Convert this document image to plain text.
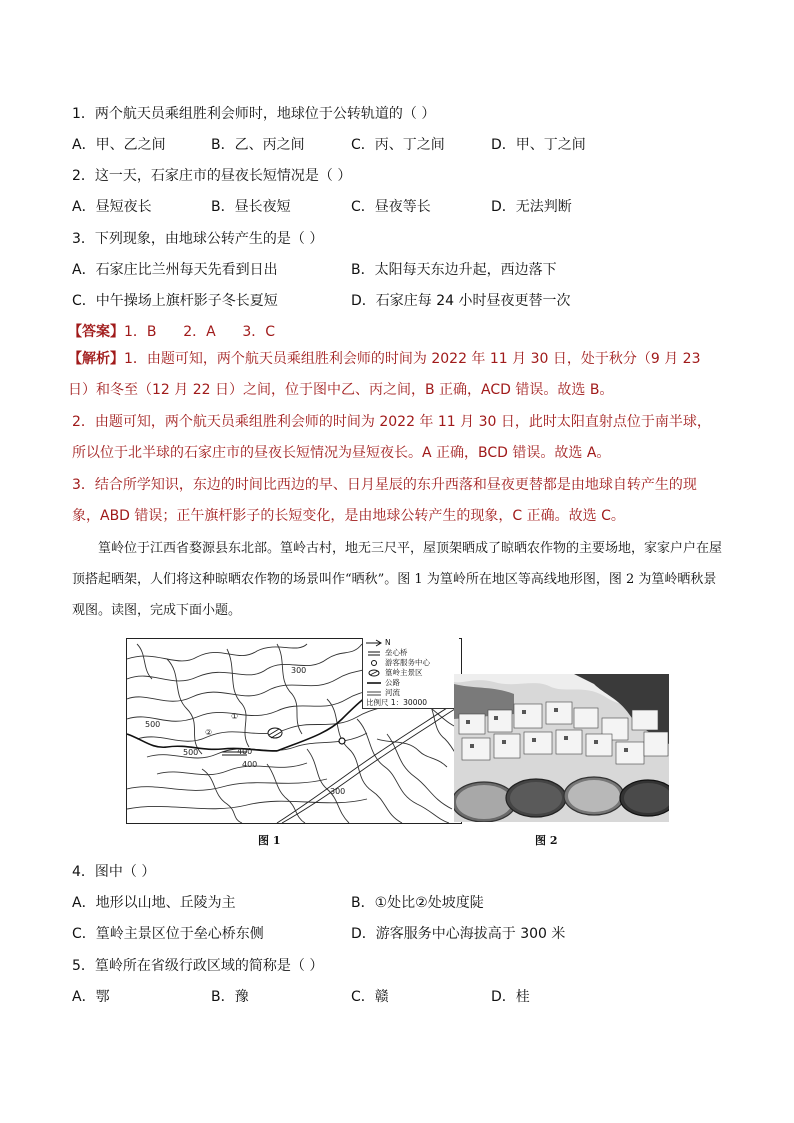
1．两个航天员乘组胜利会师时，地球位于公转轨道的（ ）
A．甲、乙之间	B．乙、丙之间	C．丙、丁之间	D．甲、丁之间
2．这一天，石家庄市的昼夜长短情况是（ ）
A．昼短夜长	B．昼长夜短	C．昼夜等长	D．无法判断
3．下列现象，由地球公转产生的是（ ）
A．石家庄比兰州每天先看到日出	B．太阳每天东边升起，西边落下
C．中午操场上旗杆影子冬长夏短	D．石家庄每 24 小时昼夜更替一次
【答案】1．B      2．A      3．C
【解析】1．由题可知，两个航天员乘组胜利会师的时间为 2022 年 11 月 30 日，处于秋分（9 月 23 日）和冬至（12 月 22 日）之间，位于图中乙、丙之间，B 正确，ACD 错误。故选 B。
2．由题可知，两个航天员乘组胜利会师的时间为 2022 年 11 月 30 日，此时太阳直射点位于南半球，所以位于北半球的石家庄市的昼夜长短情况为昼短夜长。A 正确，BCD 错误。故选 A。
3．结合所学知识，东边的时间比西边的早、日月星辰的东升西落和昼夜更替都是由地球自转产生的现象，ABD 错误；正午旗杆影子的长短变化，是由地球公转产生的现象，C 正确。故选 C。
篁岭位于江西省婺源县东北部。篁岭古村，地无三尺平，屋顶架晒成了晾晒农作物的主要场地，家家户户在屋顶搭起晒架，人们将这种晾晒农作物的场景叫作“晒秋”。图 1 为篁岭所在地区等高线地形图，图 2 为篁岭晒秋景观图。读图，完成下面小题。
①
②
300
400
500
500
400
300
N
垒心桥
游客服务中心
篁岭主景区
公路
河流
比例尺 1：30000
图 1	图 2
4．图中（ ）
A．地形以山地、丘陵为主	B．①处比②处坡度陡
C．篁岭主景区位于垒心桥东侧	D．游客服务中心海拔高于 300 米
5．篁岭所在省级行政区域的简称是（ ）
A．鄂	B．豫	C．赣	D．桂
